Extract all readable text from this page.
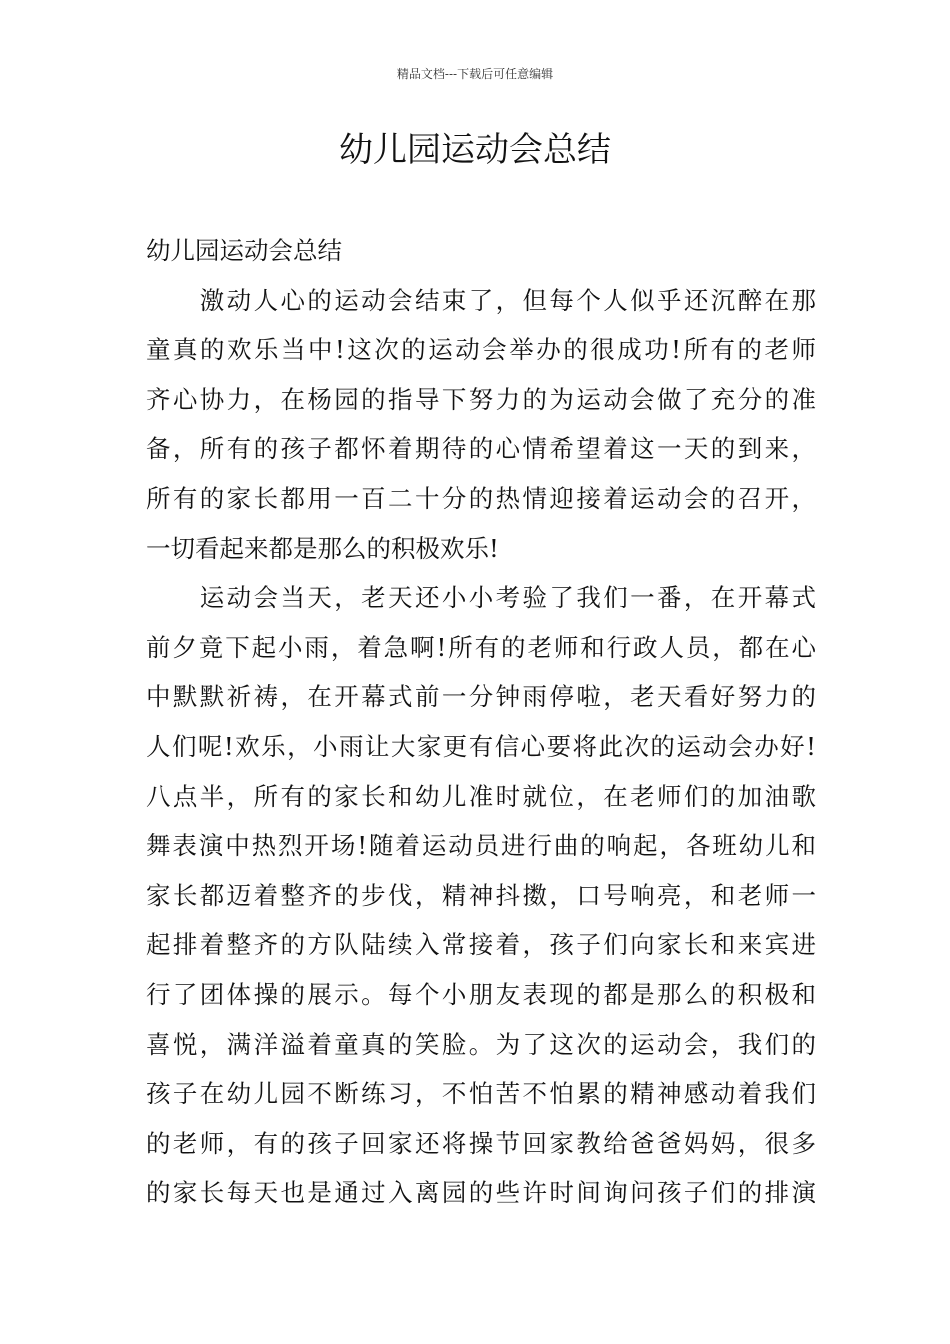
精品文档---下载后可任意编辑
幼儿园运动会总结
幼儿园运动会总结
　　激动人心的运动会结束了，但每个人似乎还沉醉在那
童真的欢乐当中!这次的运动会举办的很成功!所有的老师
齐心协力，在杨园的指导下努力的为运动会做了充分的准
备，所有的孩子都怀着期待的心情希望着这一天的到来，
所有的家长都用一百二十分的热情迎接着运动会的召开，
一切看起来都是那么的积极欢乐!
　　运动会当天，老天还小小考验了我们一番，在开幕式
前夕竟下起小雨，着急啊!所有的老师和行政人员，都在心
中默默祈祷，在开幕式前一分钟雨停啦，老天看好努力的
人们呢!欢乐，小雨让大家更有信心要将此次的运动会办好!
八点半，所有的家长和幼儿准时就位，在老师们的加油歌
舞表演中热烈开场!随着运动员进行曲的响起，各班幼儿和
家长都迈着整齐的步伐，精神抖擞，口号响亮，和老师一
起排着整齐的方队陆续入常接着，孩子们向家长和来宾进
行了团体操的展示。每个小朋友表现的都是那么的积极和
喜悦，满洋溢着童真的笑脸。为了这次的运动会，我们的
孩子在幼儿园不断练习，不怕苦不怕累的精神感动着我们
的老师，有的孩子回家还将操节回家教给爸爸妈妈，很多
的家长每天也是通过入离园的些许时间询问孩子们的排演
